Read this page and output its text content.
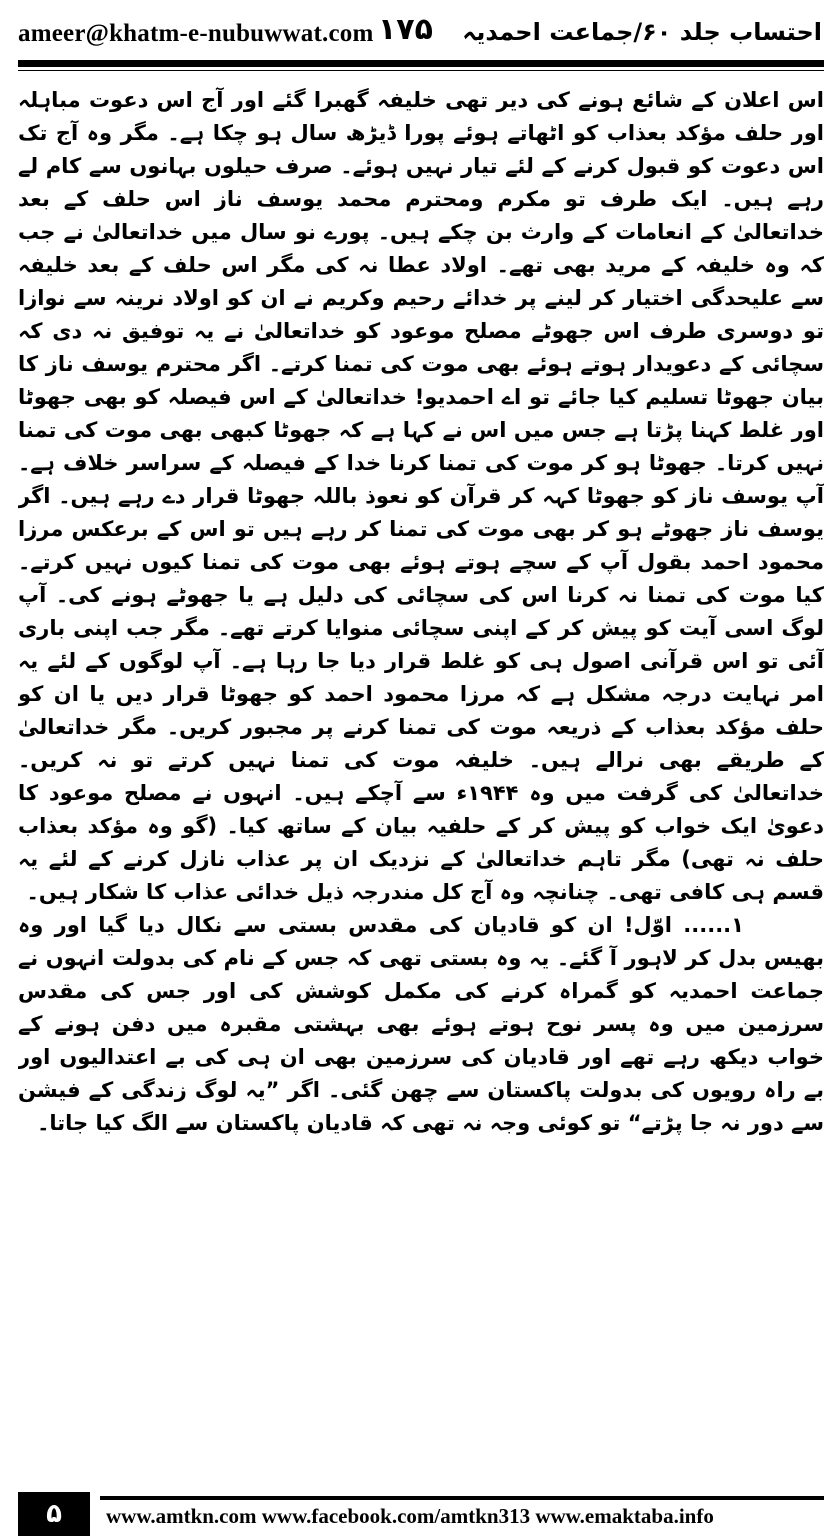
ameer@khatm-e-nubuwwat.com ۱۷۵ احتساب جلد ۶۰/جماعت احمدیہ

اس اعلان کے شائع ہونے کی دیر تھی خلیفہ گھبرا گئے اور آج اس دعوت مباہلہ اور حلف مؤکد بعذاب کو اٹھاتے ہوئے پورا ڈیڑھ سال ہو چکا ہے۔ مگر وہ آج تک اس دعوت کو قبول کرنے کے لئے تیار نہیں ہوئے۔ صرف حیلوں بہانوں سے کام لے رہے ہیں۔ ایک طرف تو مکرم ومحترم محمد یوسف ناز اس حلف کے بعد خداتعالیٰ کے انعامات کے وارث بن چکے ہیں۔ پورے نو سال میں خداتعالیٰ نے جب کہ وہ خلیفہ کے مرید بھی تھے۔ اولاد عطا نہ کی مگر اس حلف کے بعد خلیفہ سے علیحدگی اختیار کر لینے پر خدائے رحیم وکریم نے ان کو اولاد نرینہ سے نوازا تو دوسری طرف اس جھوٹے مصلح موعود کو خداتعالیٰ نے یہ توفیق نہ دی کہ سچائی کے دعویدار ہوتے ہوئے بھی موت کی تمنا کرتے۔ اگر محترم یوسف ناز کا بیان جھوٹا تسلیم کیا جائے تو اے احمدیو! خداتعالیٰ کے اس فیصلہ کو بھی جھوٹا اور غلط کہنا پڑتا ہے جس میں اس نے کہا ہے کہ جھوٹا کبھی بھی موت کی تمنا نہیں کرتا۔ جھوٹا ہو کر موت کی تمنا کرنا خدا کے فیصلہ کے سراسر خلاف ہے۔ آپ یوسف ناز کو جھوٹا کہہ کر قرآن کو نعوذ باللہ جھوٹا قرار دے رہے ہیں۔ اگر یوسف ناز جھوٹے ہو کر بھی موت کی تمنا کر رہے ہیں تو اس کے برعکس مرزا محمود احمد بقول آپ کے سچے ہوتے ہوئے بھی موت کی تمنا کیوں نہیں کرتے۔ کیا موت کی تمنا نہ کرنا اس کی سچائی کی دلیل ہے یا جھوٹے ہونے کی۔ آپ لوگ اسی آیت کو پیش کر کے اپنی سچائی منوایا کرتے تھے۔ مگر جب اپنی باری آئی تو اس قرآنی اصول ہی کو غلط قرار دیا جا رہا ہے۔ آپ لوگوں کے لئے یہ امر نہایت درجہ مشکل ہے کہ مرزا محمود احمد کو جھوٹا قرار دیں یا ان کو حلف مؤکد بعذاب کے ذریعہ موت کی تمنا کرنے پر مجبور کریں۔ مگر خداتعالیٰ کے طریقے بھی نرالے ہیں۔ خلیفہ موت کی تمنا نہیں کرتے تو نہ کریں۔ خداتعالیٰ کی گرفت میں وہ ۱۹۴۴ء سے آچکے ہیں۔ انہوں نے مصلح موعود کا دعویٰ ایک خواب کو پیش کر کے حلفیہ بیان کے ساتھ کیا۔ (گو وہ مؤکد بعذاب حلف نہ تھی) مگر تاہم خداتعالیٰ کے نزدیک ان پر عذاب نازل کرنے کے لئے یہ قسم ہی کافی تھی۔ چنانچہ وہ آج کل مندرجہ ذیل خدائی عذاب کا شکار ہیں۔

۱...... اوّل! ان کو قادیان کی مقدس بستی سے نکال دیا گیا اور وہ بھیس بدل کر لاہور آ گئے۔ یہ وہ بستی تھی کہ جس کے نام کی بدولت انہوں نے جماعت احمدیہ کو گمراہ کرنے کی مکمل کوشش کی اور جس کی مقدس سرزمین میں وہ پسر نوح ہوتے ہوئے بھی بہشتی مقبرہ میں دفن ہونے کے خواب دیکھ رہے تھے اور قادیان کی سرزمین بھی ان ہی کی بے اعتدالیوں اور بے راہ رویوں کی بدولت پاکستان سے چھن گئی۔ اگر ”یہ لوگ زندگی کے فیشن سے دور نہ جا پڑتے“ تو کوئی وجہ نہ تھی کہ قادیان پاکستان سے الگ کیا جاتا۔

۵	www.amtkn.com www.facebook.com/amtkn313 www.emaktaba.info
